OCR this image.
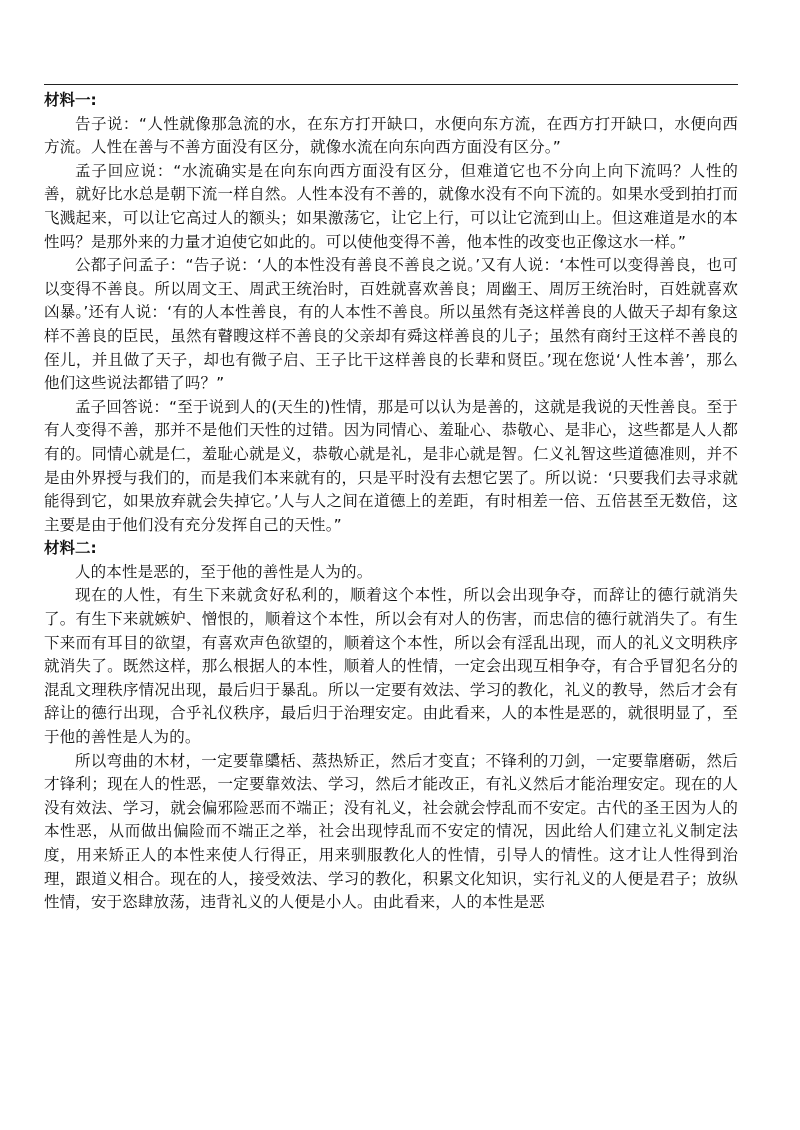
材料一:

告子说：“人性就像那急流的水，在东方打开缺口，水便向东方流，在西方打开缺口，水便向西方流。人性在善与不善方面没有区分，就像水流在向东向西方面没有区分。”

孟子回应说：“水流确实是在向东向西方面没有区分，但难道它也不分向上向下流吗？人性的善，就好比水总是朝下流一样自然。人性本没有不善的，就像水没有不向下流的。如果水受到拍打而飞溅起来，可以让它高过人的额头；如果激荡它，让它上行，可以让它流到山上。但这难道是水的本性吗？是那外来的力量才迫使它如此的。可以使他变得不善，他本性的改变也正像这水一样。”

公都子问孟子：“告子说：‘人的本性没有善良不善良之说。’又有人说：‘本性可以变得善良，也可以变得不善良。所以周文王、周武王统治时，百姓就喜欢善良；周幽王、周厉王统治时，百姓就喜欢凶暴。’还有人说：‘有的人本性善良，有的人本性不善良。所以虽然有尧这样善良的人做天子却有象这样不善良的臣民，虽然有瞽瞍这样不善良的父亲却有舜这样善良的儿子；虽然有商纣王这样不善良的侄儿，并且做了天子，却也有微子启、王子比干这样善良的长辈和贤臣。’现在您说‘人性本善’，那么他们这些说法都错了吗？”

孟子回答说：“至于说到人的(天生的)性情，那是可以认为是善的，这就是我说的天性善良。至于有人变得不善，那并不是他们天性的过错。因为同情心、羞耻心、恭敬心、是非心，这些都是人人都有的。同情心就是仁，羞耻心就是义，恭敬心就是礼，是非心就是智。仁义礼智这些道德准则，并不是由外界授与我们的，而是我们本来就有的，只是平时没有去想它罢了。所以说：‘只要我们去寻求就能得到它，如果放弃就会失掉它。’人与人之间在道德上的差距，有时相差一倍、五倍甚至无数倍，这主要是由于他们没有充分发挥自己的天性。”

材料二:

人的本性是恶的，至于他的善性是人为的。

现在的人性，有生下来就贪好私利的，顺着这个本性，所以会出现争夺，而辞让的德行就消失了。有生下来就嫉妒、憎恨的，顺着这个本性，所以会有对人的伤害，而忠信的德行就消失了。有生下来而有耳目的欲望，有喜欢声色欲望的，顺着这个本性，所以会有淫乱出现，而人的礼义文明秩序就消失了。既然这样，那么根据人的本性，顺着人的性情，一定会出现互相争夺，有合乎冒犯名分的混乱文理秩序情况出现，最后归于暴乱。所以一定要有效法、学习的教化，礼义的教导，然后才会有辞让的德行出现，合乎礼仪秩序，最后归于治理安定。由此看来，人的本性是恶的，就很明显了，至于他的善性是人为的。

所以弯曲的木材，一定要靠櫽栝、蒸热矫正，然后才变直；不锋利的刀剑，一定要靠磨砺，然后才锋利；现在人的性恶，一定要靠效法、学习，然后才能改正，有礼义然后才能治理安定。现在的人没有效法、学习，就会偏邪险恶而不端正；没有礼义，社会就会悖乱而不安定。古代的圣王因为人的本性恶，从而做出偏险而不端正之举，社会出现悖乱而不安定的情况，因此给人们建立礼义制定法度，用来矫正人的本性来使人行得正，用来驯服教化人的性情，引导人的情性。这才让人性得到治理，跟道义相合。现在的人，接受效法、学习的教化，积累文化知识，实行礼义的人便是君子；放纵性情，安于恣肆放荡，违背礼义的人便是小人。由此看来，人的本性是恶
